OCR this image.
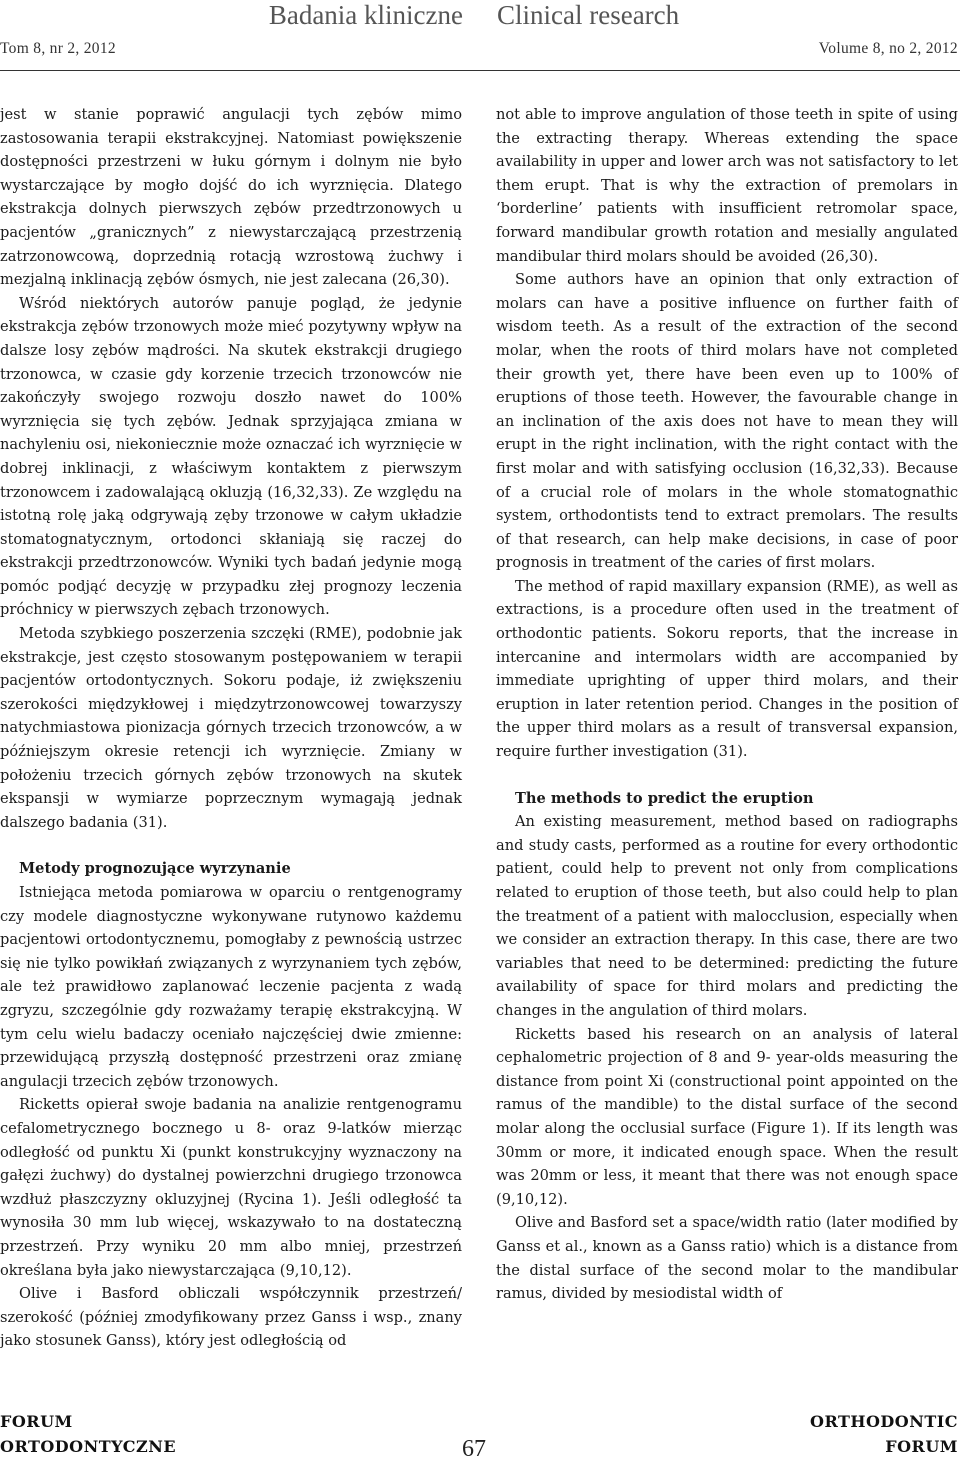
Badania kliniczne Clinical research
Tom 8, nr 2, 2012	Volume 8, no 2, 2012

jest w stanie poprawić angulacji tych zębów mimo zastosowania terapii ekstrakcyjnej. Natomiast powiększenie dostępności przestrzeni w łuku górnym i dolnym nie było wystarczające by mogło dojść do ich wyrznięcia. Dlatego ekstrakcja dolnych pierwszych zębów przedtrzonowych u pacjentów „granicznych” z niewystarczającą przestrzenią zatrzonowcową, doprzednią rotacją wzrostową żuchwy i mezjalną inklinacją zębów ósmych, nie jest zalecana (26,30).

Wśród niektórych autorów panuje pogląd, że jedynie ekstrakcja zębów trzonowych może mieć pozytywny wpływ na dalsze losy zębów mądrości. Na skutek ekstrakcji drugiego trzonowca, w czasie gdy korzenie trzecich trzonowców nie zakończyły swojego rozwoju doszło nawet do 100% wyrznięcia się tych zębów. Jednak sprzyjająca zmiana w nachyleniu osi, niekoniecznie może oznaczać ich wyrznięcie w dobrej inklinacji, z właściwym kontaktem z pierwszym trzonowcem i zadowalającą okluzją (16,32,33). Ze względu na istotną rolę jaką odgrywają zęby trzonowe w całym układzie stomatognatycznym, ortodonci skłaniają się raczej do ekstrakcji przedtrzonowców. Wyniki tych badań jedynie mogą pomóc podjąć decyzję w przypadku złej prognozy leczenia próchnicy w pierwszych zębach trzonowych.

Metoda szybkiego poszerzenia szczęki (RME), podobnie jak ekstrakcje, jest często stosowanym postępowaniem w terapii pacjentów ortodontycznych. Sokoru podaje, iż zwiększeniu szerokości międzykłowej i międzytrzonowcowej towarzyszy natychmiastowa pionizacja górnych trzecich trzonowców, a w późniejszym okresie retencji ich wyrznięcie. Zmiany w położeniu trzecich górnych zębów trzonowych na skutek ekspansji w wymiarze poprzecznym wymagają jednak dalszego badania (31).

Metody prognozujące wyrzynanie

Istniejąca metoda pomiarowa w oparciu o rentgenogramy czy modele diagnostyczne wykonywane rutynowo każdemu pacjentowi ortodontycznemu, pomogłaby z pewnością ustrzec się nie tylko powikłań związanych z wyrzynaniem tych zębów, ale też prawidłowo zaplanować leczenie pacjenta z wadą zgryzu, szczególnie gdy rozważamy terapię ekstrakcyjną. W tym celu wielu badaczy oceniało najczęściej dwie zmienne: przewidującą przyszłą dostępność przestrzeni oraz zmianę angulacji trzecich zębów trzonowych.

Ricketts opierał swoje badania na analizie rentgenogramu cefalometrycznego bocznego u 8- oraz 9-latków mierząc odległość od punktu Xi (punkt konstrukcyjny wyznaczony na gałęzi żuchwy) do dystalnej powierzchni drugiego trzonowca wzdłuż płaszczyzny okluzyjnej (Rycina 1). Jeśli odległość ta wynosiła 30 mm lub więcej, wskazywało to na dostateczną przestrzeń. Przy wyniku 20 mm albo mniej, przestrzeń określana była jako niewystarczająca (9,10,12).

Olive i Basford obliczali współczynnik przestrzeń/ szerokość (później zmodyfikowany przez Ganss i wsp., znany jako stosunek Ganss), który jest odległością od

not able to improve angulation of those teeth in spite of using the extracting therapy. Whereas extending the space availability in upper and lower arch was not satisfactory to let them erupt. That is why the extraction of premolars in ‘borderline’ patients with insufficient retromolar space, forward mandibular growth rotation and mesially angulated mandibular third molars should be avoided (26,30).

Some authors have an opinion that only extraction of molars can have a positive influence on further faith of wisdom teeth. As a result of the extraction of the second molar, when the roots of third molars have not completed their growth yet, there have been even up to 100% of eruptions of those teeth. However, the favourable change in an inclination of the axis does not have to mean they will erupt in the right inclination, with the right contact with the first molar and with satisfying occlusion (16,32,33). Because of a crucial role of molars in the whole stomatognathic system, orthodontists tend to extract premolars. The results of that research, can help make decisions, in case of poor prognosis in treatment of the caries of first molars.

The method of rapid maxillary expansion (RME), as well as extractions, is a procedure often used in the treatment of orthodontic patients. Sokoru reports, that the increase in intercanine and intermolars width are accompanied by immediate uprighting of upper third molars, and their eruption in later retention period. Changes in the position of the upper third molars as a result of transversal expansion, require further investigation (31).

The methods to predict the eruption

An existing measurement, method based on radiographs and study casts, performed as a routine for every orthodontic patient, could help to prevent not only from complications related to eruption of those teeth, but also could help to plan the treatment of a patient with malocclusion, especially when we consider an extraction therapy. In this case, there are two variables that need to be determined: predicting the future availability of space for third molars and predicting the changes in the angulation of third molars.

Ricketts based his research on an analysis of lateral cephalometric projection of 8 and 9- year-olds measuring the distance from point Xi (constructional point appointed on the ramus of the mandible) to the distal surface of the second molar along the occlusial surface (Figure 1). If its length was 30mm or more, it indicated enough space. When the result was 20mm or less, it meant that there was not enough space (9,10,12).

Olive and Basford set a space/width ratio (later modified by Ganss et al., known as a Ganss ratio) which is a distance from the distal surface of the second molar to the mandibular ramus, divided by mesiodistal width of

FORUM
ORTODONTYCZNE	67
ORTHODONTIC
FORUM
